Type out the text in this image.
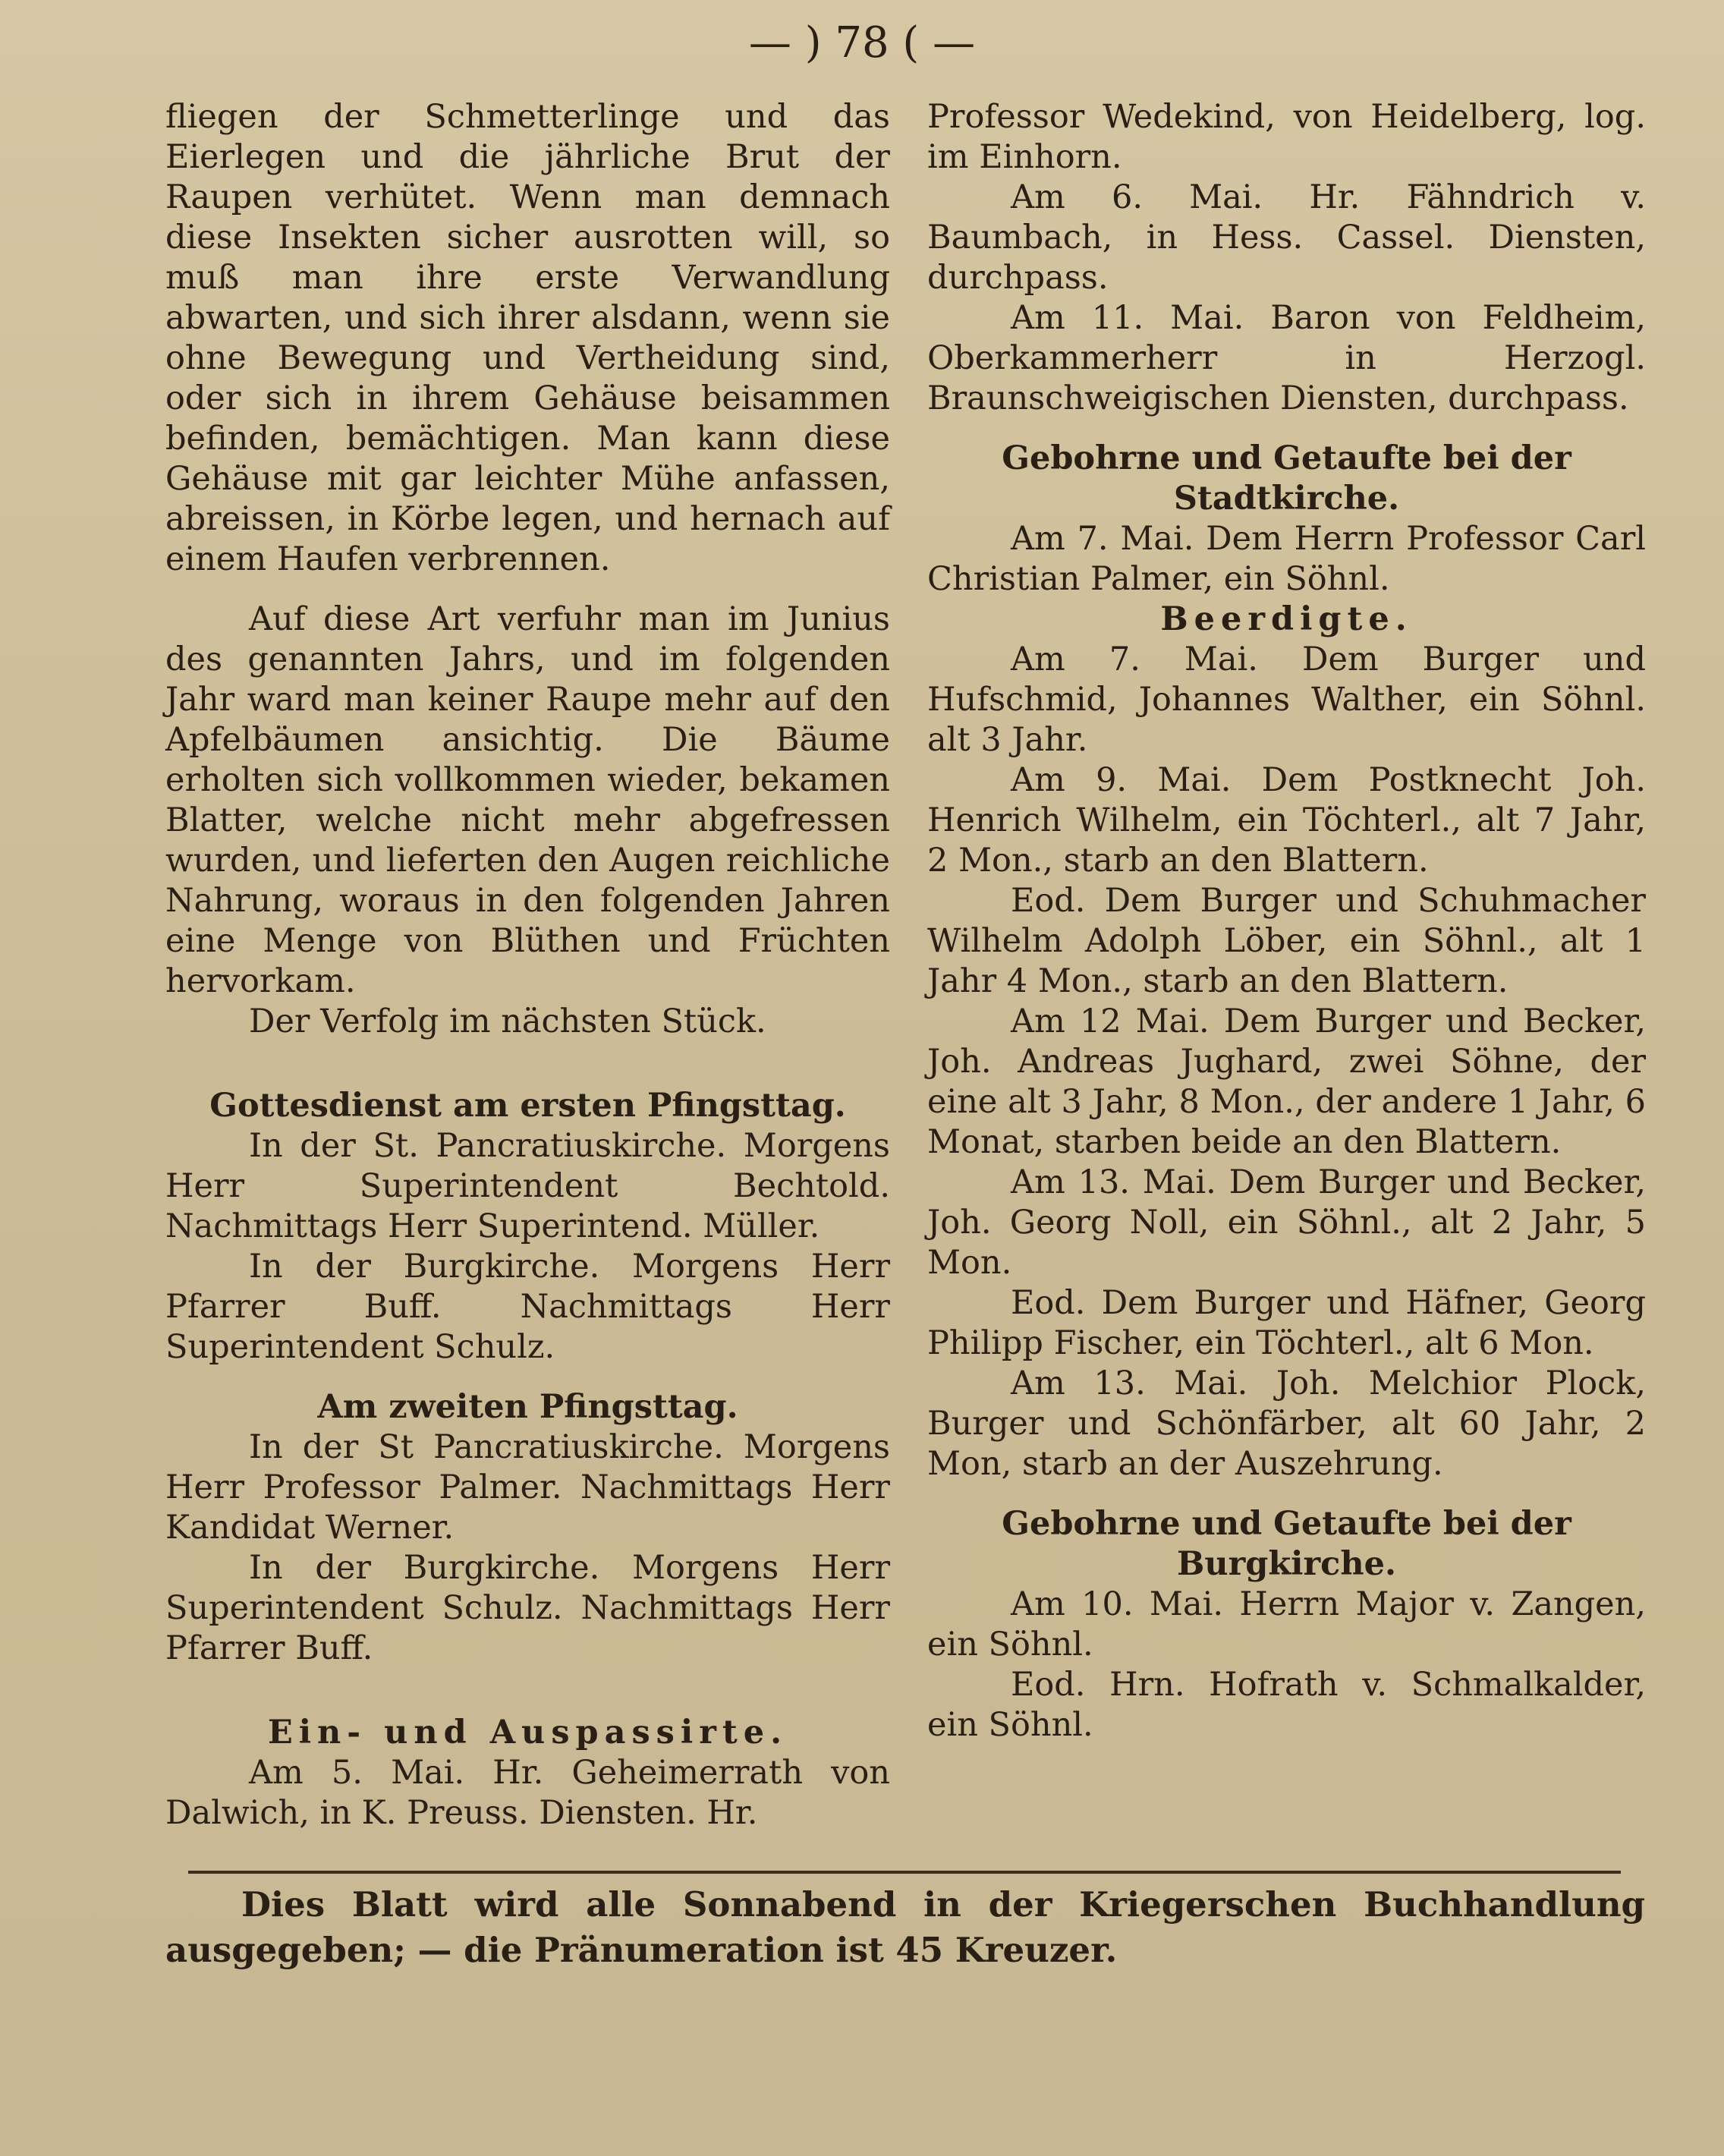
— ) 78 ( —

fliegen der Schmetterlinge und das Eierlegen und die jährliche Brut der Raupen verhütet. Wenn man demnach diese Insekten sicher ausrotten will, so muß man ihre erste Verwandlung abwarten, und sich ihrer alsdann, wenn sie ohne Bewegung und Vertheidung sind, oder sich in ihrem Gehäuse beisammen befinden, bemächtigen. Man kann diese Gehäuse mit gar leichter Mühe anfassen, abreissen, in Körbe legen, und hernach auf einem Haufen verbrennen.

Auf diese Art verfuhr man im Junius des genannten Jahrs, und im folgenden Jahr ward man keiner Raupe mehr auf den Apfelbäumen ansichtig. Die Bäume erholten sich vollkommen wieder, bekamen Blatter, welche nicht mehr abgefressen wurden, und lieferten den Augen reichliche Nahrung, woraus in den folgenden Jahren eine Menge von Blüthen und Früchten hervorkam.

Der Verfolg im nächsten Stück.

Gottesdienst am ersten Pfingsttag.

In der St. Pancratiuskirche. Morgens Herr Superintendent Bechtold. Nachmittags Herr Superintend. Müller.

In der Burgkirche. Morgens Herr Pfarrer Buff. Nachmittags Herr Superintendent Schulz.

Am zweiten Pfingsttag.

In der St Pancratiuskirche. Morgens Herr Professor Palmer. Nachmittags Herr Kandidat Werner.

In der Burgkirche. Morgens Herr Superintendent Schulz. Nachmittags Herr Pfarrer Buff.

Ein- und Auspassirte.

Am 5. Mai. Hr. Geheimerrath von Dalwich, in K. Preuss. Diensten. Hr.

Professor Wedekind, von Heidelberg, log. im Einhorn.

Am 6. Mai. Hr. Fähndrich v. Baumbach, in Hess. Cassel. Diensten, durchpass.

Am 11. Mai. Baron von Feldheim, Oberkammerherr in Herzogl. Braunschweigischen Diensten, durchpass.

Gebohrne und Getaufte bei der Stadtkirche.

Am 7. Mai. Dem Herrn Professor Carl Christian Palmer, ein Söhnl.

Beerdigte.

Am 7. Mai. Dem Burger und Hufschmid, Johannes Walther, ein Söhnl. alt 3 Jahr.

Am 9. Mai. Dem Postknecht Joh. Henrich Wilhelm, ein Töchterl., alt 7 Jahr, 2 Mon., starb an den Blattern.

Eod. Dem Burger und Schuhmacher Wilhelm Adolph Löber, ein Söhnl., alt 1 Jahr 4 Mon., starb an den Blattern.

Am 12 Mai. Dem Burger und Becker, Joh. Andreas Jughard, zwei Söhne, der eine alt 3 Jahr, 8 Mon., der andere 1 Jahr, 6 Monat, starben beide an den Blattern.

Am 13. Mai. Dem Burger und Becker, Joh. Georg Noll, ein Söhnl., alt 2 Jahr, 5 Mon.

Eod. Dem Burger und Häfner, Georg Philipp Fischer, ein Töchterl., alt 6 Mon.

Am 13. Mai. Joh. Melchior Plock, Burger und Schönfärber, alt 60 Jahr, 2 Mon, starb an der Auszehrung.

Gebohrne und Getaufte bei der Burgkirche.

Am 10. Mai. Herrn Major v. Zangen, ein Söhnl.

Eod. Hrn. Hofrath v. Schmalkalder, ein Söhnl.

Dies Blatt wird alle Sonnabend in der Kriegerschen Buchhandlung ausgegeben; — die Pränumeration ist 45 Kreuzer.
